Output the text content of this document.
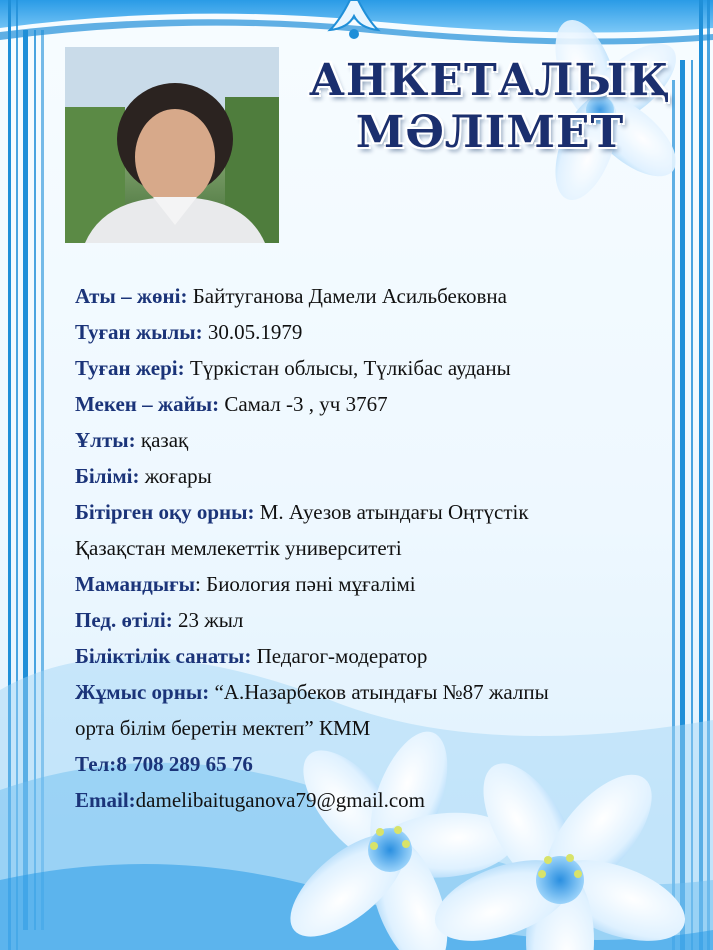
АНКЕТАЛЫҚ
МӘЛІМЕТ

Аты – жөні: Байтуганова Дамели Асильбековна

Туған жылы: 30.05.1979

Туған жері: Түркістан облысы, Түлкібас ауданы

Мекен – жайы: Самал -3 , уч 3767

Ұлты: қазақ

Білімі: жоғары

Бітірген оқу орны: М. Ауезов атындағы Оңтүстік
Қазақстан мемлекеттік университеті

Мамандығы: Биология пәні мұғалімі

Пед. өтілі: 23 жыл

Біліктілік санаты: Педагог-модератор

Жұмыс орны: “А.Назарбеков атындағы №87 жалпы
орта білім беретін мектеп” КММ

Тел:8 708 289 65 76

Email:damelibaituganova79@gmail.com
